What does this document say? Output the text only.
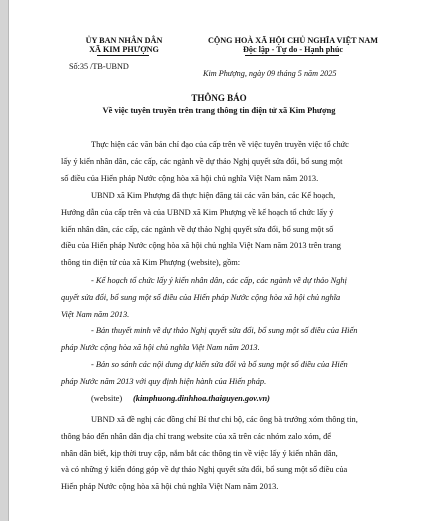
ỦY BAN NHÂN DÂN
XÃ KIM PHƯỢNG
CỘNG HOÀ XÃ HỘI CHỦ NGHĨA VIỆT NAM
Độc lập - Tự do - Hạnh phúc
Số:35 /TB-UBND
Kim Phượng, ngày 09 tháng 5 năm 2025
THÔNG BÁO
Về việc tuyên truyền trên trang thông tin điện tử xã Kim Phượng
Thực hiện các văn bản chỉ đạo của cấp trên về việc tuyên truyền việc tổ chức
lấy ý kiến nhân dân, các cấp, các ngành về dự thảo Nghị quyết sửa đổi, bổ sung một
số điều của Hiến pháp Nước cộng hòa xã hội chủ nghĩa Việt Nam năm 2013.
UBND xã Kim Phượng đã thực hiện đăng tải các văn bản, các Kế hoạch,
Hướng dẫn của cấp trên và của UBND xã Kim Phượng về kế hoạch tổ chức lấy ý
kiến nhân dân, các cấp, các ngành về dự thảo Nghị quyết sửa đổi, bổ sung một số
điều của Hiến pháp Nước cộng hòa xã hội chủ nghĩa Việt Nam năm 2013 trên trang
thông tin điện tử của xã Kim Phượng (website), gồm:
- Kế hoạch tổ chức lấy ý kiến nhân dân, các cấp, các ngành về dự thảo Nghị
quyết sửa đổi, bổ sung một số điều của Hiến pháp Nước cộng hòa xã hội chủ nghĩa
Việt Nam năm 2013.
- Bản thuyết minh về dự thảo Nghị quyết sửa đổi, bổ sung một số điều của Hiến
pháp Nước cộng hòa xã hội chủ nghĩa Việt Nam năm 2013.
- Bản so sánh các nội dung dự kiến sửa đổi và bổ sung một số điều của Hiến
pháp Nước năm 2013 với quy định hiện hành của Hiến pháp.
(website) (kimphuong.dinhhoa.thaiguyen.gov.vn)
UBND xã đề nghị các đồng chí Bí thư chi bộ, các ông bà trưởng xóm thông tin,
thông báo đến nhân dân địa chỉ trang website của xã trên các nhóm zalo xóm, để
nhân dân biết, kịp thời truy cập, nắm bắt các thông tin về việc lấy ý kiến nhân dân,
và có những ý kiến đóng góp về dự thảo Nghị quyết sửa đổi, bổ sung một số điều của
Hiến pháp Nước cộng hòa xã hội chủ nghĩa Việt Nam năm 2013.
